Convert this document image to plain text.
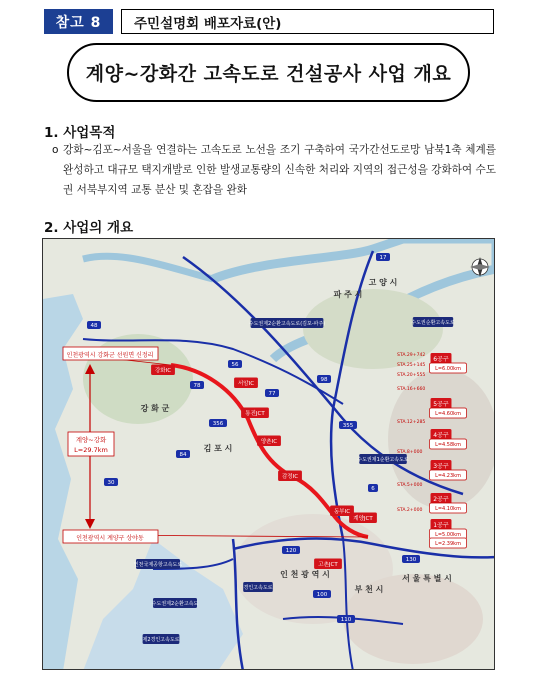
참고 8	주민설명회 배포자료(안)
계양~강화간 고속도로 건설공사 사업 개요
1. 사업목적
o 강화~김포~서울을 연결하는 고속도로 노선을 조기 구축하여 국가간선도로망 남북1축 체계를 완성하고 대규모 택지개발로 인한 발생교통량의 신속한 처리와 지역의 접근성을 강화하여 수도권 서북부지역 교통 분산 및 혼잡을 완화
2. 사업의 개요
인천광역시 강화군 선원면 신정리
인천광역시 계양구 상야동
계양~강화
L=29.7km
강화IC
서암IC
양촌IC
감정IC
고촌JCT
계양JCT
동부IC
통진JCT
수도권제2순환고속도로(김포-파주)	수도권순환고속도로
수도권제1순환고속도로
인천국제공항고속도로
경인고속도로
수도권제2순환고속도
제2경인고속도로
6공구
L=6.00km
5공구
L=4.60km
4공구
L=4.58km
3공구
L=4.23km
2공구
L=4.10km
1공구
L=5.00km
L=2.39km
STA.29+742
STA.25+145
STA.20+555
STA.16+660
STA.12+285
STA.8+000
STA.5+000
STA.2+000
강 화 군
김 포 시
고 양 시
파 주 시
인 천 광 역 시	서 울 특 별 시
부 천 시
17
48
56
78
77
98
355
356
84
30
6
130
120
100
110
